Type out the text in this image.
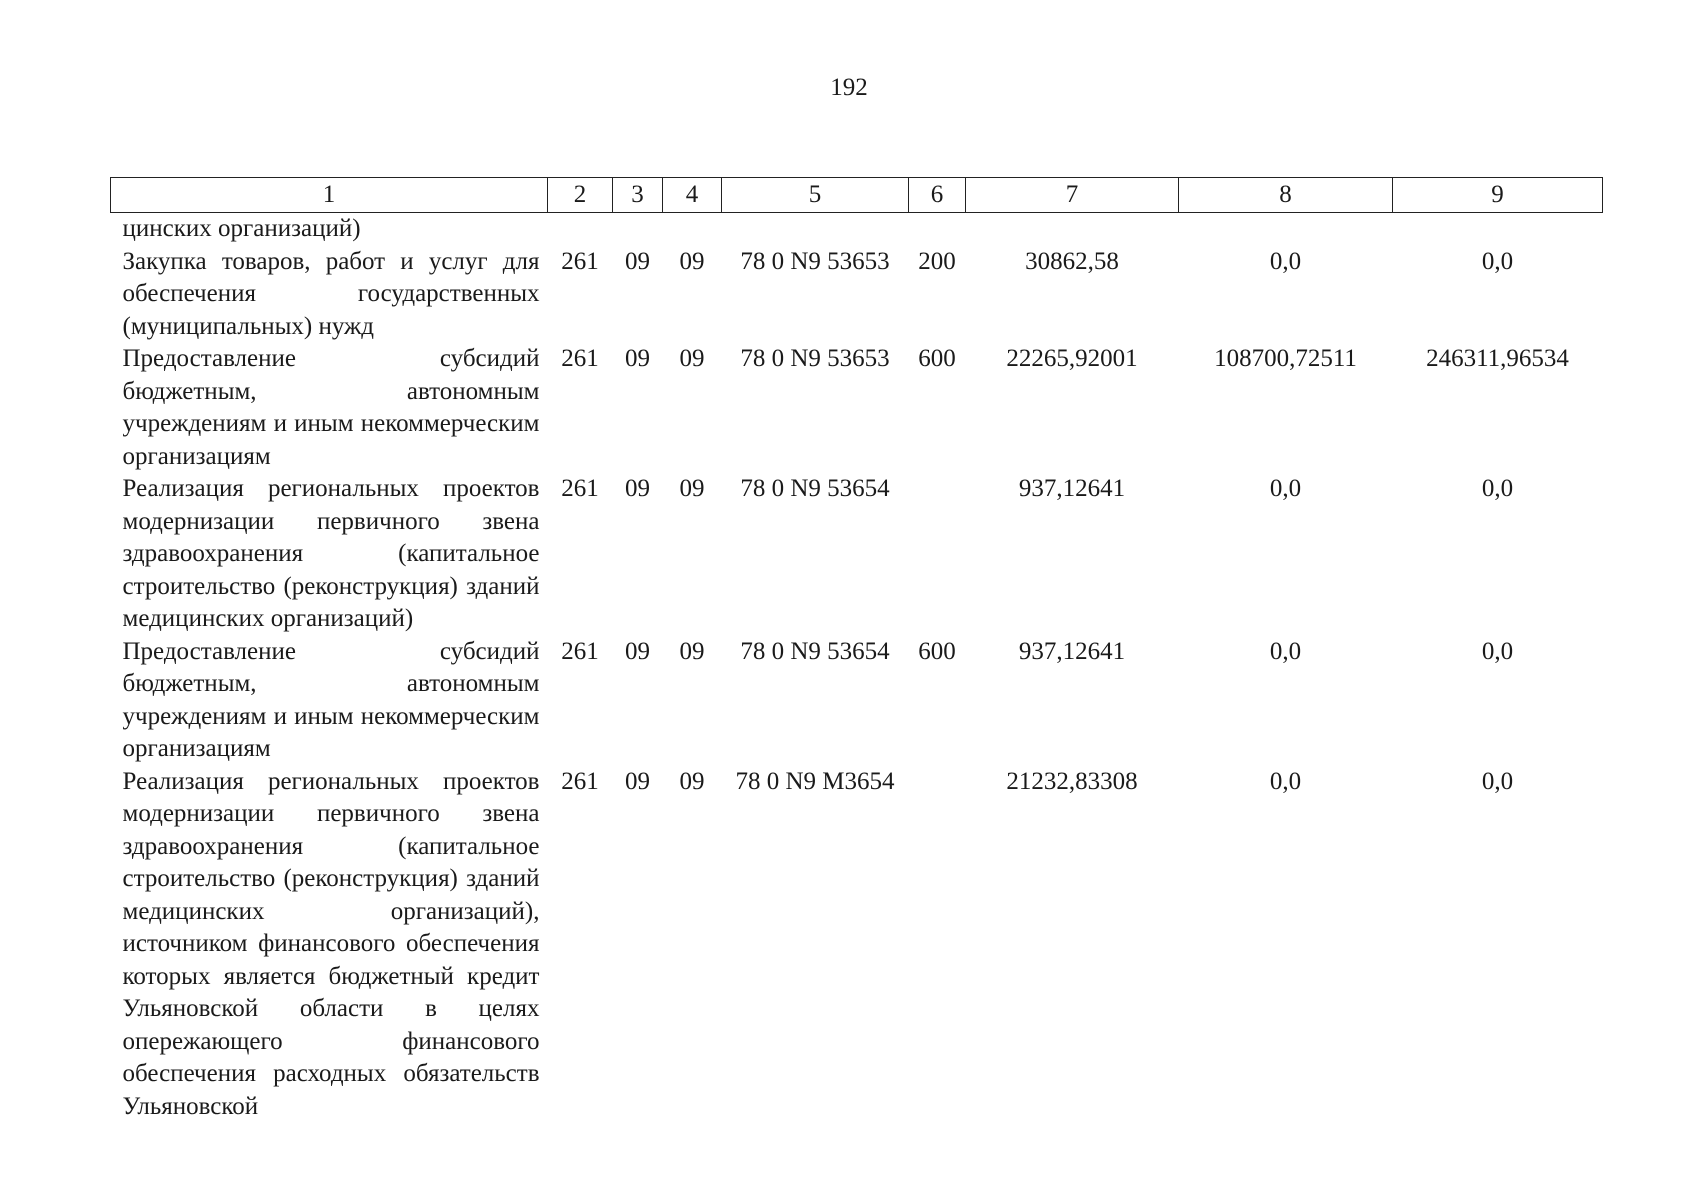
192
1	2	3	4	5	6	7	8	9
цинских организаций)								
Закупка товаров, работ и услуг для обеспечения государственных (муниципальных) нужд	261	09	09	78 0 N9 53653	200	30862,58	0,0	0,0
Предоставление субсидий бюджетным, автономным учреждениям и иным некоммерческим организациям	261	09	09	78 0 N9 53653	600	22265,92001	108700,72511	246311,96534
Реализация региональных проектов модернизации первичного звена здравоохранения (капитальное строительство (реконструкция) зданий медицинских организаций)	261	09	09	78 0 N9 53654		937,12641	0,0	0,0
Предоставление субсидий бюджетным, автономным учреждениям и иным некоммерческим организациям	261	09	09	78 0 N9 53654	600	937,12641	0,0	0,0
Реализация региональных проектов модернизации первичного звена здравоохранения (капитальное строительство (реконструкция) зданий медицинских организаций), источником финансового обеспечения которых является бюджетный кредит Ульяновской области в целях опережающего финансового обеспечения расходных обязательств Ульяновской	261	09	09	78 0 N9 M3654		21232,83308	0,0	0,0
